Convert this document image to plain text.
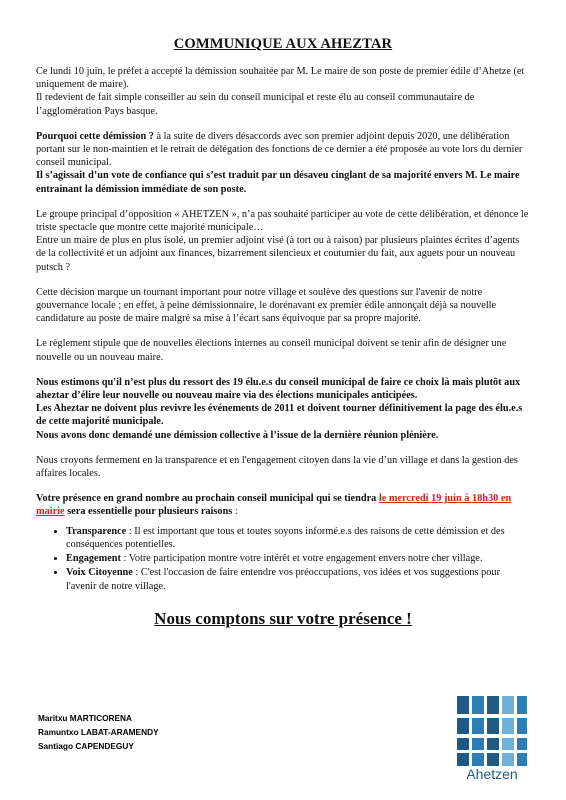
COMMUNIQUE AUX AHEZTAR

Ce lundi 10 juin, le préfet a accepté la démission souhaitée par M. Le maire de son poste de premier édile d’Ahetze (et uniquement de maire).

Il redevient de fait simple conseiller au sein du conseil municipal et reste élu au conseil communautaire de l’agglomération Pays basque.

Pourquoi cette démission ? à la suite de divers désaccords avec son premier adjoint depuis 2020, une délibération portant sur le non-maintien et le retrait de délégation des fonctions de ce dernier a été proposée au vote lors du dernier conseil municipal.

Il s’agissait d’un vote de confiance qui s’est traduit par un désaveu cinglant de sa majorité envers M. Le maire entrainant la démission immédiate de son poste.

Le groupe principal d’opposition « AHETZEN », n’a pas souhaité participer au vote de cette délibération, et dénonce le triste spectacle que montre cette majorité municipale…

Entre un maire de plus en plus isolé, un premier adjoint visé (à tort ou à raison) par plusieurs plaintes écrites d’agents de la collectivité et un adjoint aux finances, bizarrement silencieux et coutumier du fait, aux aguets pour un nouveau putsch ?

Cette décision marque un tournant important pour notre village et soulève des questions sur l'avenir de notre gouvernance locale ; en effet, à peine démissionnaire, le dorénavant ex premier édile annonçait déjà sa nouvelle candidature au poste de maire malgré sa mise à l’écart sans équivoque par sa propre majorité.

Le règlement stipule que de nouvelles élections internes au conseil municipal doivent se tenir afin de désigner une nouvelle ou un nouveau maire.

Nous estimons qu'il n’est plus du ressort des 19 élu.e.s du conseil municipal de faire ce choix là mais plutôt aux aheztar d’élire leur nouvelle ou nouveau maire via des élections municipales anticipées.

Les Aheztar ne doivent plus revivre les événements de 2011 et doivent tourner définitivement la page des élu.e.s de cette majorité municipale.

Nous avons donc demandé une démission collective à l’issue de la dernière réunion plénière.

Nous croyons fermement en la transparence et en l'engagement citoyen dans la vie d’un village et dans la gestion des affaires locales.

Votre présence en grand nombre au prochain conseil municipal qui se tiendra le mercredi 19 juin à 18h30 en mairie sera essentielle pour plusieurs raisons :

• Transparence : Il est important que tous et toutes soyons informé.e.s des raisons de cette démission et des conséquences potentielles.
• Engagement : Votre participation montre votre intérêt et votre engagement envers notre cher village.
• Voix Citoyenne : C'est l'occasion de faire entendre vos préoccupations, vos idées et vos suggestions pour l'avenir de notre village.
Nous comptons sur votre présence !
Maritxu MARTICORENA
Ramuntxo LABAT-ARAMENDY
Santiago CAPENDEGUY
Ahetzen
